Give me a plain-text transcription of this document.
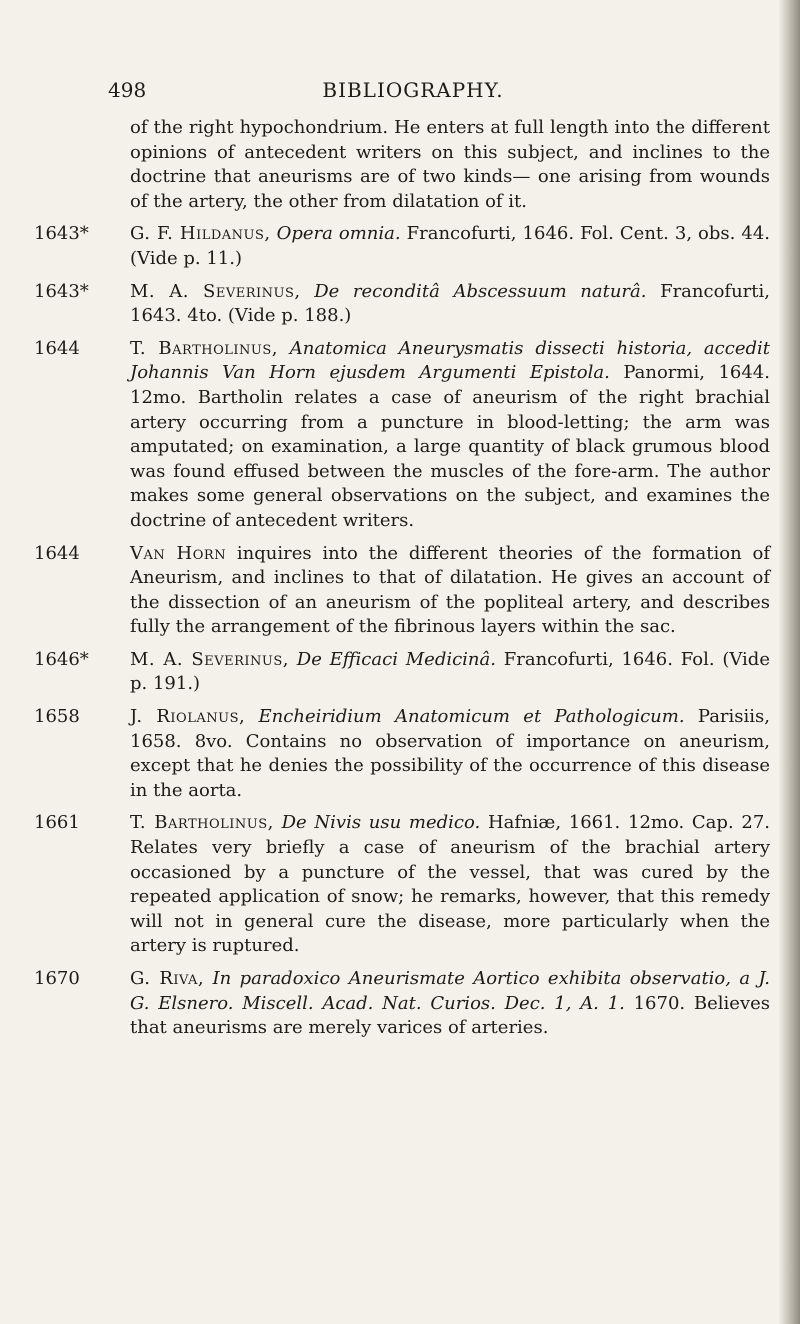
498	BIBLIOGRAPHY.

of the right hypochondrium. He enters at full length into the different opinions of antecedent writers on this subject, and inclines to the doctrine that aneurisms are of two kinds— one arising from wounds of the artery, the other from dilatation of it.

1643* G. F. Hildanus, Opera omnia. Francofurti, 1646. Fol. Cent. 3, obs. 44. (Vide p. 11.)

1643* M. A. Severinus, De reconditâ Abscessuum naturâ. Francofurti, 1643. 4to. (Vide p. 188.)

1644	T. Bartholinus, Anatomica Aneurysmatis dissecti historia, accedit Johannis Van Horn ejusdem Argumenti Epistola. Panormi, 1644. 12mo. Bartholin relates a case of aneurism of the right brachial artery occurring from a puncture in blood-letting; the arm was amputated; on examination, a large quantity of black grumous blood was found effused between the muscles of the fore-arm. The author makes some general observations on the subject, and examines the doctrine of antecedent writers.

1644	Van Horn inquires into the different theories of the formation of Aneurism, and inclines to that of dilatation. He gives an account of the dissection of an aneurism of the popliteal artery, and describes fully the arrangement of the fibrinous layers within the sac.

1646* M. A. Severinus, De Efficaci Medicinâ. Francofurti, 1646. Fol. (Vide p. 191.)

1658	J. Riolanus, Encheiridium Anatomicum et Pathologicum. Parisiis, 1658. 8vo. Contains no observation of importance on aneurism, except that he denies the possibility of the occurrence of this disease in the aorta.

1661	T. Bartholinus, De Nivis usu medico. Hafniæ, 1661. 12mo. Cap. 27. Relates very briefly a case of aneurism of the brachial artery occasioned by a puncture of the vessel, that was cured by the repeated application of snow; he remarks, however, that this remedy will not in general cure the disease, more particularly when the artery is ruptured.

1670	G. Riva, In paradoxico Aneurismate Aortico exhibita observatio, a J. G. Elsnero. Miscell. Acad. Nat. Curios. Dec. 1, A. 1. 1670. Believes that aneurisms are merely varices of arteries.
